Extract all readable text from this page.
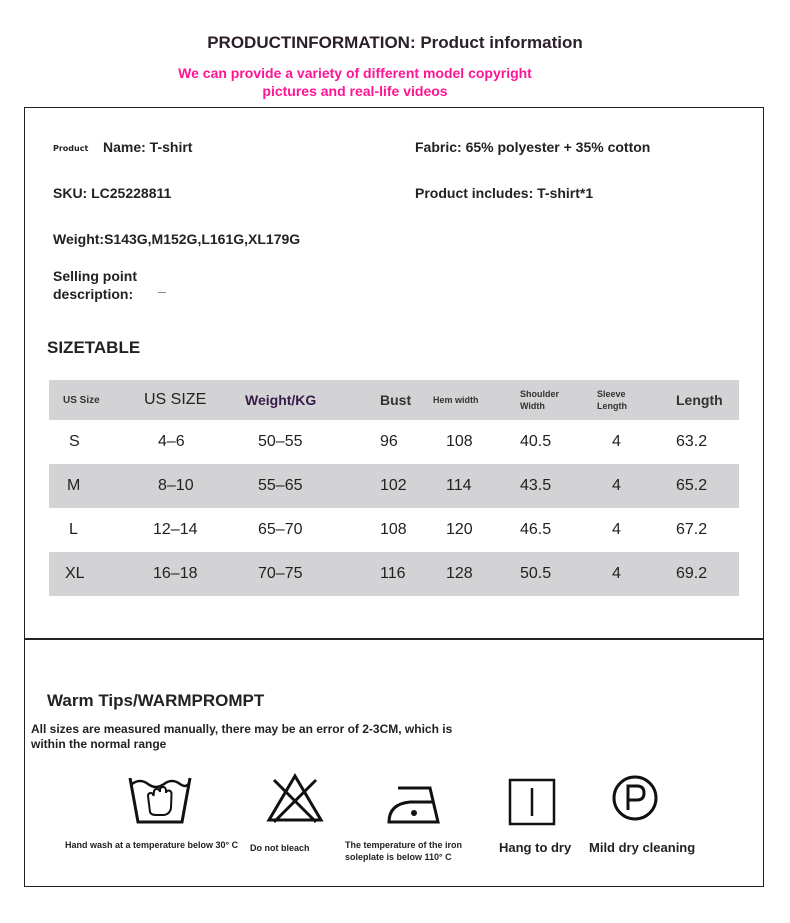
PRODUCTINFORMATION: Product information
We can provide a variety of different model copyright pictures and real-life videos
Product Name: T-shirt	Fabric: 65% polyester + 35% cotton
SKU: LC25228811	Product includes: T-shirt*1
Weight:S143G,M152G,L161G,XL179G
Selling point
description: _
SIZETABLE
US Size	US SIZE	Weight/KG	Bust	Hem width	Shoulder Width	Sleeve Length	Length
S	4–6	50–55	96	108	40.5	4	63.2
M	8–10	55–65	102	114	43.5	4	65.2
L	12–14	65–70	108	120	46.5	4	67.2
XL	16–18	70–75	116	128	50.5	4	69.2
Warm Tips/WARMPROMPT
All sizes are measured manually, there may be an error of 2-3CM, which is within the normal range
Hand wash at a temperature below 30° C Do not bleach	The temperature of the iron soleplate is below 110° C
Hang to dry Mild dry cleaning
